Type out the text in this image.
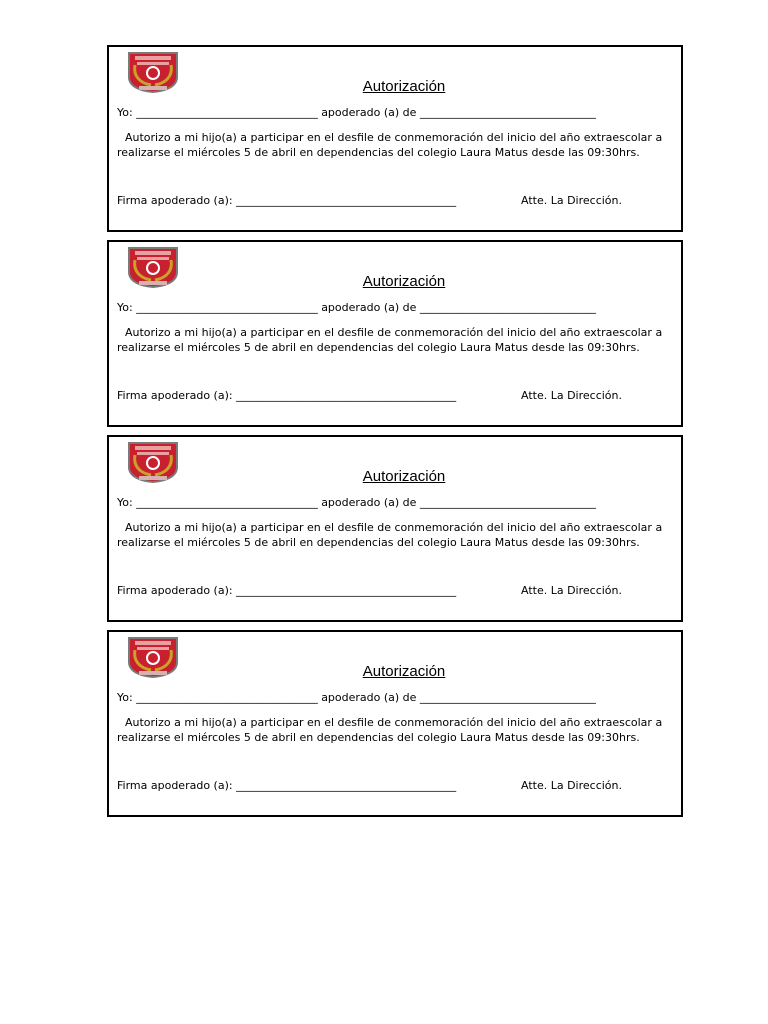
Autorización
Yo: _________________________________ apoderado (a) de ________________________________
Autorizo a mi hijo(a) a participar en el desfile de conmemoración del inicio del año extraescolar a
realizarse el miércoles 5 de abril en dependencias del colegio Laura Matus desde las 09:30hrs.
Firma apoderado (a): ________________________________________	Atte. La Dirección.
Autorización
Yo: _________________________________ apoderado (a) de ________________________________
Autorizo a mi hijo(a) a participar en el desfile de conmemoración del inicio del año extraescolar a
realizarse el miércoles 5 de abril en dependencias del colegio Laura Matus desde las 09:30hrs.
Firma apoderado (a): ________________________________________	Atte. La Dirección.
Autorización
Yo: _________________________________ apoderado (a) de ________________________________
Autorizo a mi hijo(a) a participar en el desfile de conmemoración del inicio del año extraescolar a
realizarse el miércoles 5 de abril en dependencias del colegio Laura Matus desde las 09:30hrs.
Firma apoderado (a): ________________________________________	Atte. La Dirección.
Autorización
Yo: _________________________________ apoderado (a) de ________________________________
Autorizo a mi hijo(a) a participar en el desfile de conmemoración del inicio del año extraescolar a
realizarse el miércoles 5 de abril en dependencias del colegio Laura Matus desde las 09:30hrs.
Firma apoderado (a): ________________________________________	Atte. La Dirección.
